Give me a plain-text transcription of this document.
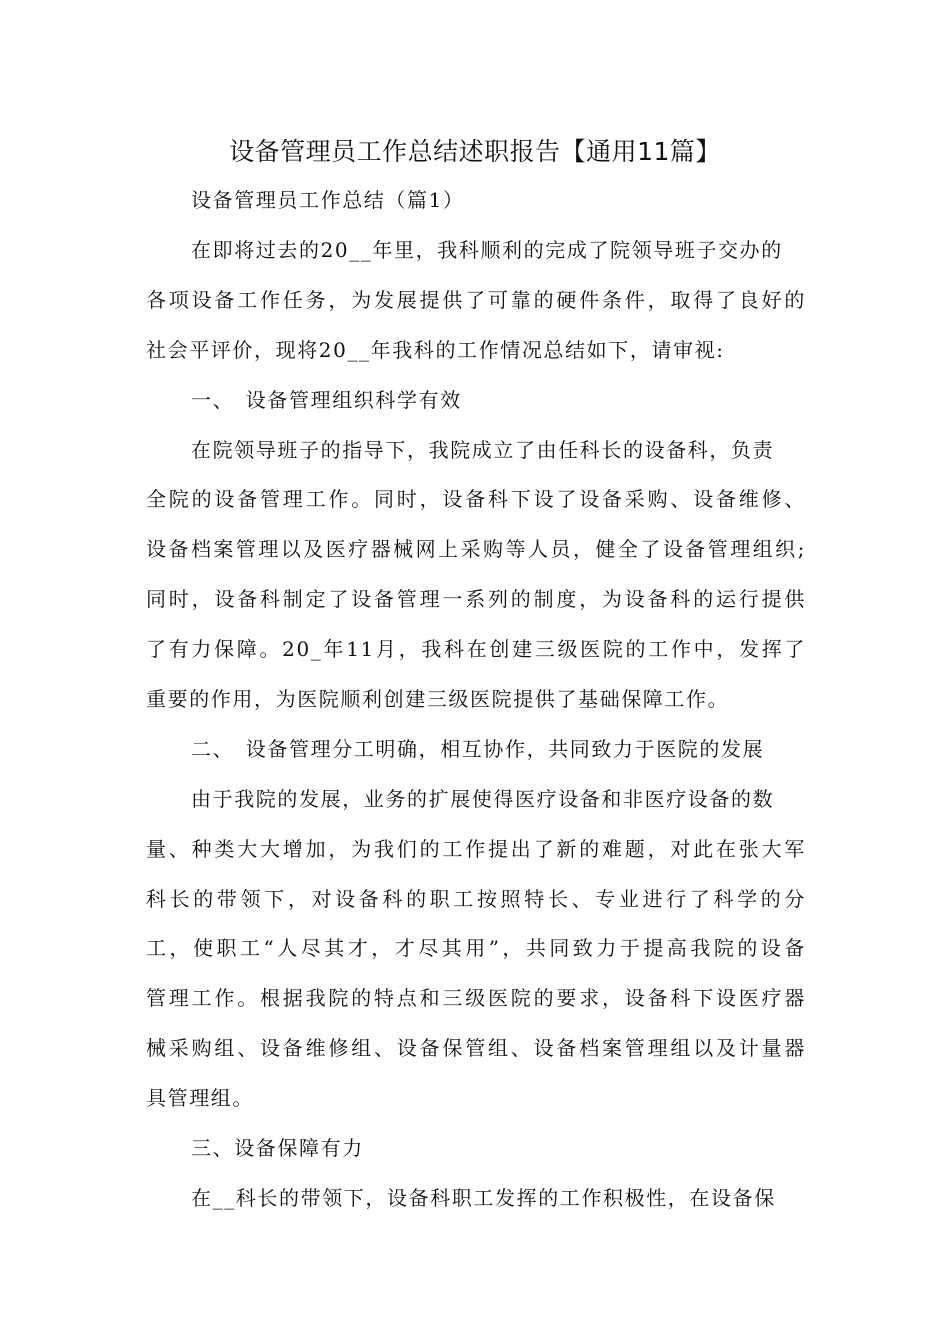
设备管理员工作总结述职报告【通用11篇】
设备管理员工作总结（篇1）
在即将过去的20__年里，我科顺利的完成了院领导班子交办的
各项设备工作任务，为发展提供了可靠的硬件条件，取得了良好的
社会平评价，现将20__年我科的工作情况总结如下，请审视:
一、　设备管理组织科学有效
在院领导班子的指导下，我院成立了由任科长的设备科，负责
全院的设备管理工作。同时，设备科下设了设备采购、设备维修、
设备档案管理以及医疗器械网上采购等人员，健全了设备管理组织;
同时，设备科制定了设备管理一系列的制度，为设备科的运行提供
了有力保障。20_年11月，我科在创建三级医院的工作中，发挥了
重要的作用，为医院顺利创建三级医院提供了基础保障工作。
二、　设备管理分工明确，相互协作，共同致力于医院的发展
由于我院的发展，业务的扩展使得医疗设备和非医疗设备的数
量、种类大大增加，为我们的工作提出了新的难题，对此在张大军
科长的带领下，对设备科的职工按照特长、专业进行了科学的分
工，使职工“人尽其才，才尽其用”，共同致力于提高我院的设备
管理工作。根据我院的特点和三级医院的要求，设备科下设医疗器
械采购组、设备维修组、设备保管组、设备档案管理组以及计量器
具管理组。
三、设备保障有力
在__科长的带领下，设备科职工发挥的工作积极性，在设备保
